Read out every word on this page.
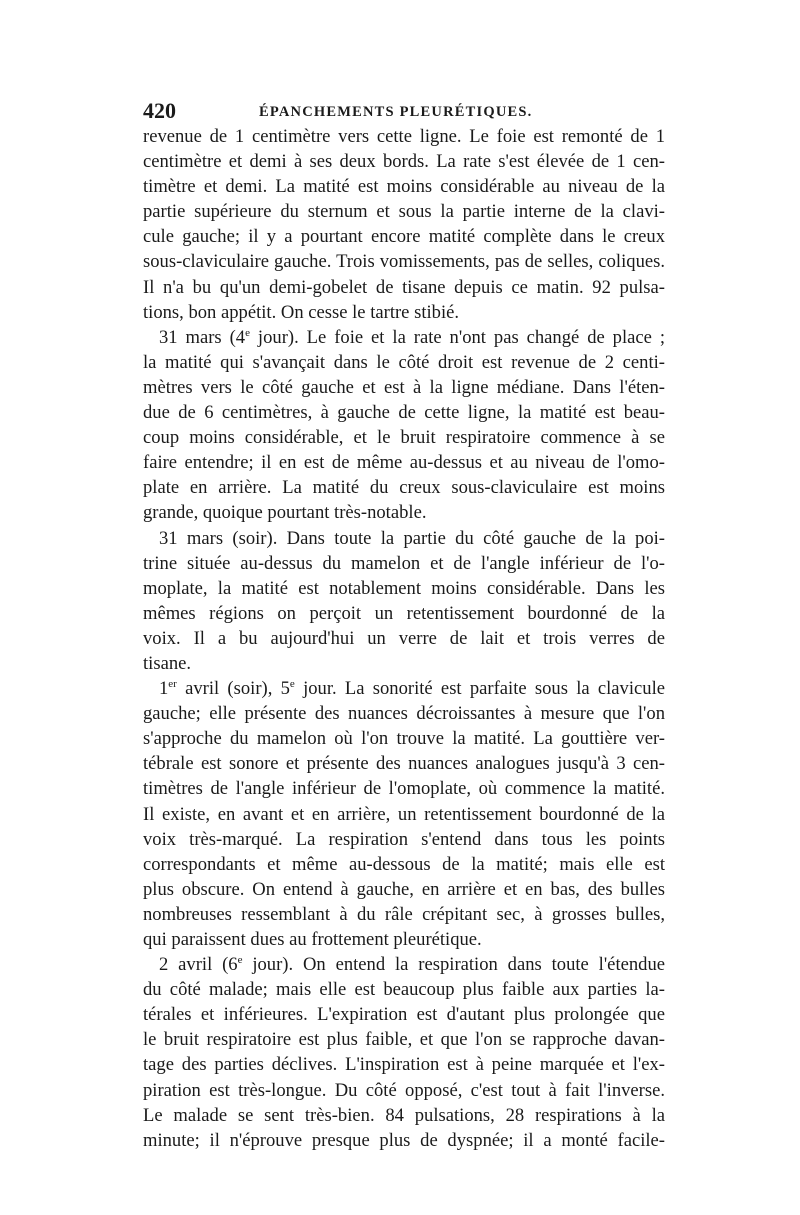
420	ÉPANCHEMENTS PLEURÉTIQUES.
revenue de 1 centimètre vers cette ligne. Le foie est remonté de 1
centimètre et demi à ses deux bords. La rate s'est élevée de 1 cen-
timètre et demi. La matité est moins considérable au niveau de la
partie supérieure du sternum et sous la partie interne de la clavi-
cule gauche; il y a pourtant encore matité complète dans le creux
sous-claviculaire gauche. Trois vomissements, pas de selles, coliques.
Il n'a bu qu'un demi-gobelet de tisane depuis ce matin. 92 pulsa-
tions, bon appétit. On cesse le tartre stibié.
31 mars (4e jour). Le foie et la rate n'ont pas changé de place ;
la matité qui s'avançait dans le côté droit est revenue de 2 centi-
mètres vers le côté gauche et est à la ligne médiane. Dans l'éten-
due de 6 centimètres, à gauche de cette ligne, la matité est beau-
coup moins considérable, et le bruit respiratoire commence à se
faire entendre; il en est de même au-dessus et au niveau de l'omo-
plate en arrière. La matité du creux sous-claviculaire est moins
grande, quoique pourtant très-notable.
31 mars (soir). Dans toute la partie du côté gauche de la poi-
trine située au-dessus du mamelon et de l'angle inférieur de l'o-
moplate, la matité est notablement moins considérable. Dans les
mêmes régions on perçoit un retentissement bourdonné de la
voix. Il a bu aujourd'hui un verre de lait et trois verres de
tisane.
1er avril (soir), 5e jour. La sonorité est parfaite sous la clavicule
gauche; elle présente des nuances décroissantes à mesure que l'on
s'approche du mamelon où l'on trouve la matité. La gouttière ver-
tébrale est sonore et présente des nuances analogues jusqu'à 3 cen-
timètres de l'angle inférieur de l'omoplate, où commence la matité.
Il existe, en avant et en arrière, un retentissement bourdonné de la
voix très-marqué. La respiration s'entend dans tous les points
correspondants et même au-dessous de la matité; mais elle est
plus obscure. On entend à gauche, en arrière et en bas, des bulles
nombreuses ressemblant à du râle crépitant sec, à grosses bulles,
qui paraissent dues au frottement pleurétique.
2 avril (6e jour). On entend la respiration dans toute l'étendue
du côté malade; mais elle est beaucoup plus faible aux parties la-
térales et inférieures. L'expiration est d'autant plus prolongée que
le bruit respiratoire est plus faible, et que l'on se rapproche davan-
tage des parties déclives. L'inspiration est à peine marquée et l'ex-
piration est très-longue. Du côté opposé, c'est tout à fait l'inverse.
Le malade se sent très-bien. 84 pulsations, 28 respirations à la
minute; il n'éprouve presque plus de dyspnée; il a monté facile-
